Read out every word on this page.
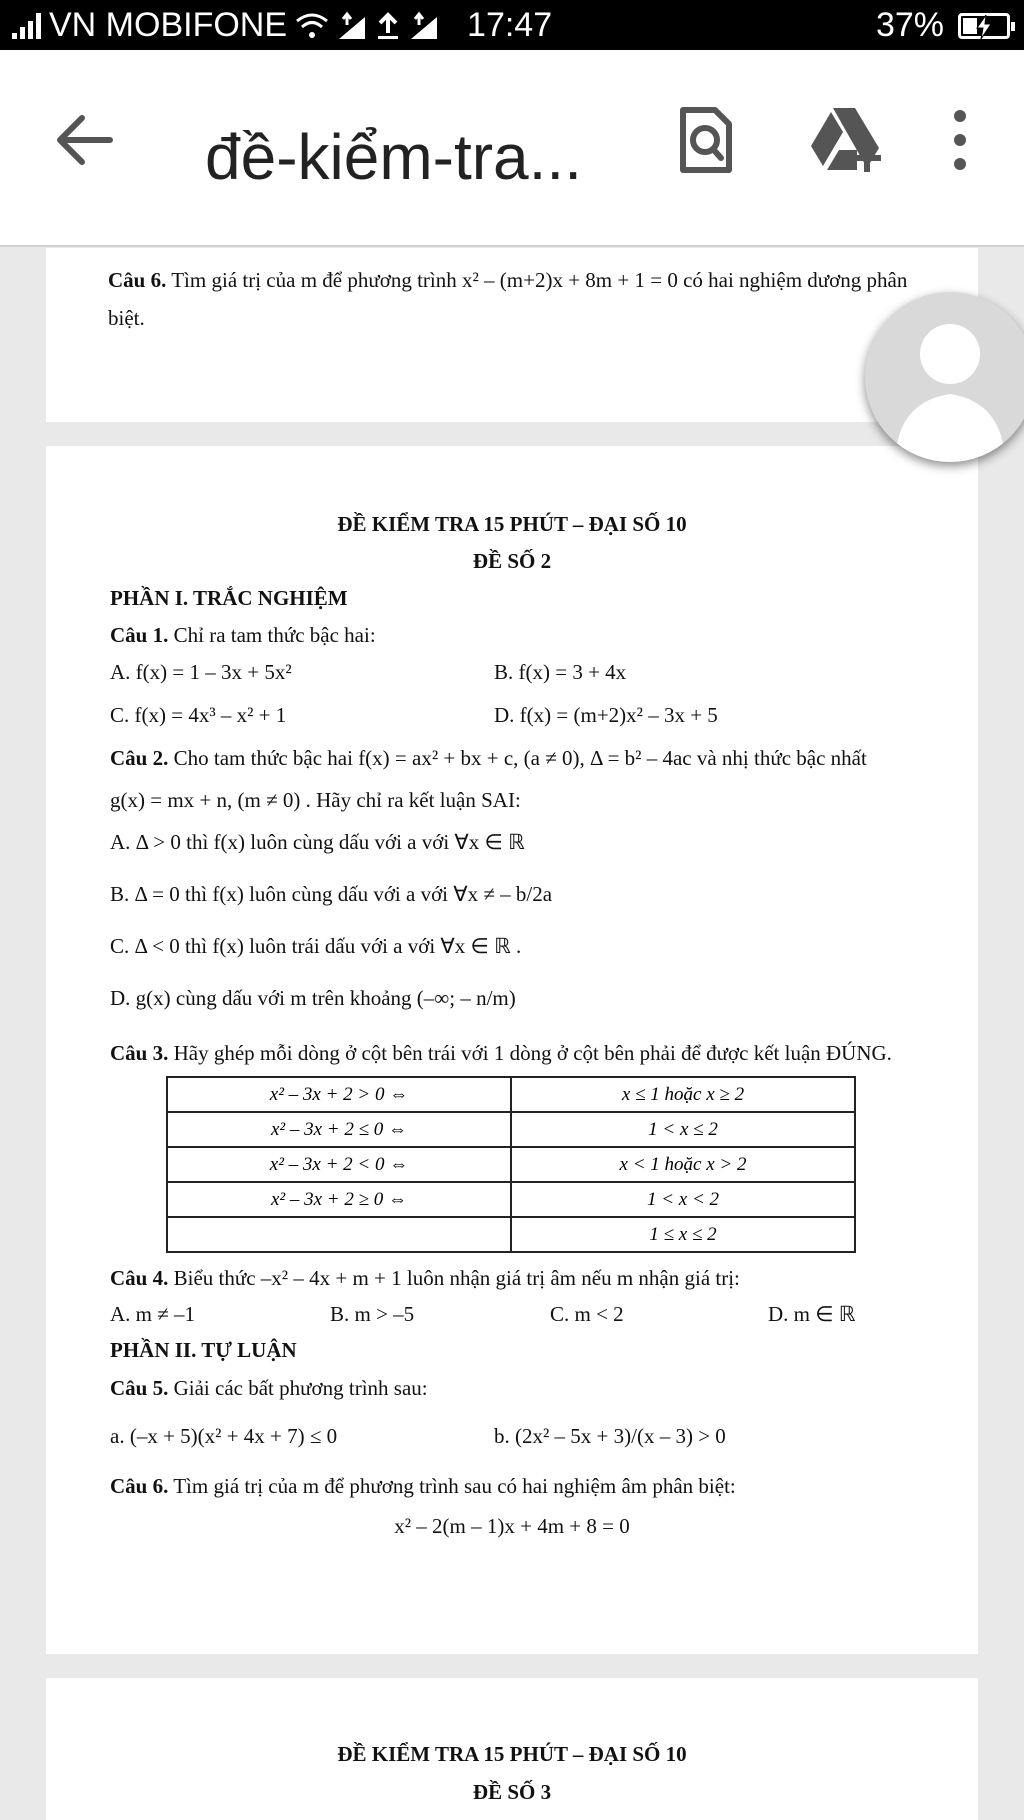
VN MOBIFONE	17:47	37%
đề-kiểm-tra...
Câu 6. Tìm giá trị của m để phương trình x² – (m+2)x + 8m + 1 = 0 có hai nghiệm dương phân
biệt.
ĐỀ KIỂM TRA 15 PHÚT – ĐẠI SỐ 10
ĐỀ SỐ 2
PHẦN I. TRẮC NGHIỆM
Câu 1. Chỉ ra tam thức bậc hai:
A. f(x) = 1 – 3x + 5x²	B. f(x) = 3 + 4x
C. f(x) = 4x³ – x² + 1	D. f(x) = (m+2)x² – 3x + 5
Câu 2. Cho tam thức bậc hai f(x) = ax² + bx + c, (a ≠ 0), Δ = b² – 4ac và nhị thức bậc nhất
g(x) = mx + n, (m ≠ 0) . Hãy chỉ ra kết luận SAI:
A. Δ > 0 thì f(x) luôn cùng dấu với a với ∀x ∈ ℝ
B. Δ = 0 thì f(x) luôn cùng dấu với a với ∀x ≠ – b/2a
C. Δ < 0 thì f(x) luôn trái dấu với a với ∀x ∈ ℝ .
D. g(x) cùng dấu với m trên khoảng (–∞; – n/m)
Câu 3. Hãy ghép mỗi dòng ở cột bên trái với 1 dòng ở cột bên phải để được kết luận ĐÚNG.
x² – 3x + 2 > 0 ⇔	x ≤ 1 hoặc x ≥ 2
x² – 3x + 2 ≤ 0 ⇔	1 < x ≤ 2
x² – 3x + 2 < 0 ⇔	x < 1 hoặc x > 2
x² – 3x + 2 ≥ 0 ⇔	1 < x < 2
	1 ≤ x ≤ 2
Câu 4. Biểu thức –x² – 4x + m + 1 luôn nhận giá trị âm nếu m nhận giá trị:
A. m ≠ –1	B. m > –5	C. m < 2	D. m ∈ ℝ
PHẦN II. TỰ LUẬN
Câu 5. Giải các bất phương trình sau:
a. (–x + 5)(x² + 4x + 7) ≤ 0	b. (2x² – 5x + 3)/(x – 3) > 0
Câu 6. Tìm giá trị của m để phương trình sau có hai nghiệm âm phân biệt:
x² – 2(m – 1)x + 4m + 8 = 0
ĐỀ KIỂM TRA 15 PHÚT – ĐẠI SỐ 10
ĐỀ SỐ 3
